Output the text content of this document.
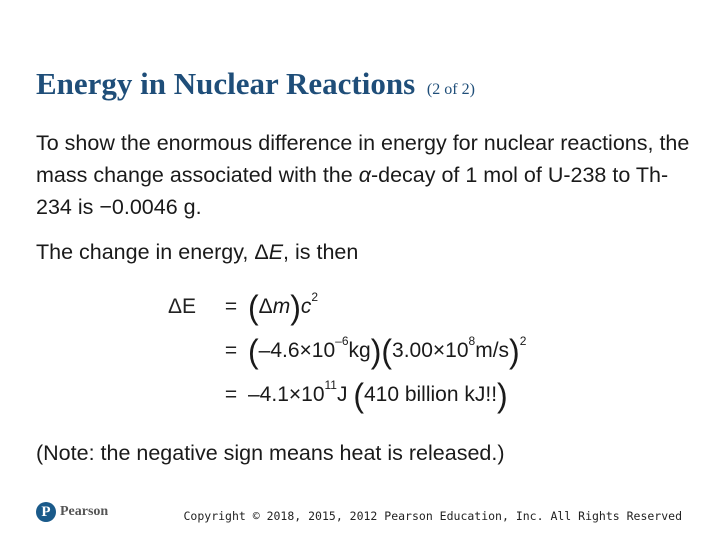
Energy in Nuclear Reactions (2 of 2)
To show the enormous difference in energy for nuclear reactions, the mass change associated with the α-decay of 1 mol of U-238 to Th-234 is −0.0046 g.
The change in energy, ΔE, is then
ΔE	= ( Δ m ) c 2
= ( –4.6 × 10 –6 kg )( 3.00 × 10 8 m/s ) 2
= –4.1 × 10 11 J
( 410 billion kJ!! )
(Note: the negative sign means heat is released.)
P Pearson	Copyright © 2018, 2015, 2012 Pearson Education, Inc. All Rights Reserved
